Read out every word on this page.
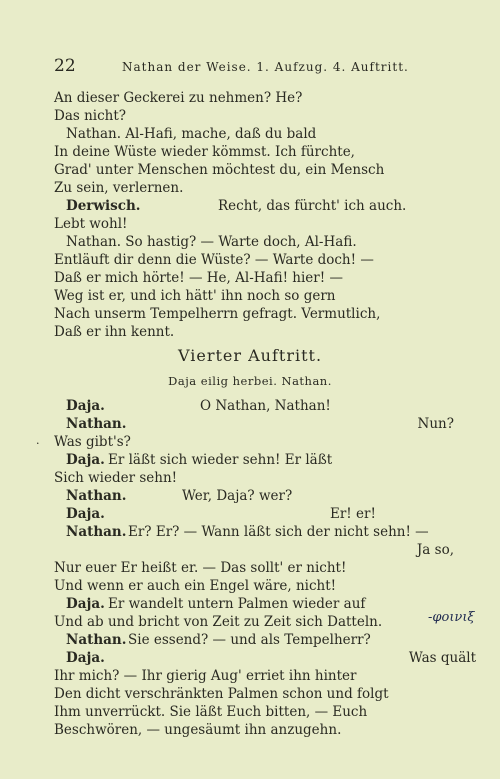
22	Nathan der Weise. 1. Aufzug. 4. Auftritt.
An dieser Geckerei zu nehmen? He?
Das nicht?
Nathan. Al-Hafi, mache, daß du bald
In deine Wüste wieder kömmst. Ich fürchte,
Grad' unter Menschen möchtest du, ein Mensch
Zu sein, verlernen.
Derwisch.	Recht, das fürcht' ich auch.
Lebt wohl!
Nathan. So hastig? — Warte doch, Al-Hafi.
Entläuft dir denn die Wüste? — Warte doch! —
Daß er mich hörte! — He, Al-Hafi! hier! —
Weg ist er, und ich hätt' ihn noch so gern
Nach unserm Tempelherrn gefragt. Vermutlich,
Daß er ihn kennt.
Vierter Auftritt.
Daja eilig herbei. Nathan.
Daja.	O Nathan, Nathan!
Nathan.	Nun?
. Was gibt's?
Daja. Er läßt sich wieder sehn! Er läßt
Sich wieder sehn!
Nathan.	Wer, Daja? wer?
Daja.	Er! er!
Nathan. Er? Er? — Wann läßt sich der nicht sehn! —
Ja so,
Nur euer Er heißt er. — Das sollt' er nicht!
Und wenn er auch ein Engel wäre, nicht!
Daja. Er wandelt untern Palmen wieder auf
Und ab und bricht von Zeit zu Zeit sich Datteln.	-φοινιξ
Nathan. Sie essend? — und als Tempelherr?
Daja.	Was quält
Ihr mich? — Ihr gierig Aug' erriet ihn hinter
Den dicht verschränkten Palmen schon und folgt
Ihm unverrückt. Sie läßt Euch bitten, — Euch
Beschwören, — ungesäumt ihn anzugehn.
